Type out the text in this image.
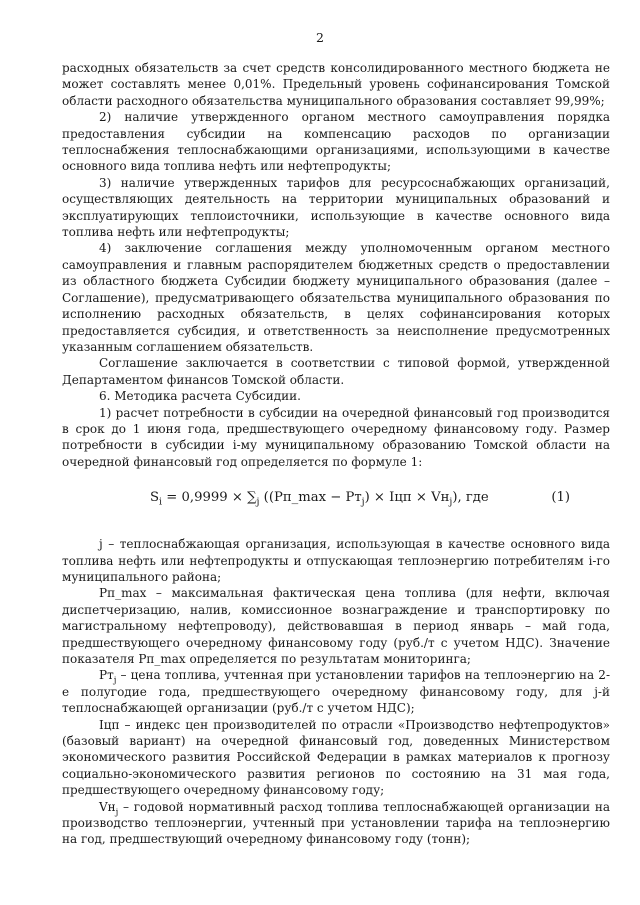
2

расходных обязательств за счет средств консолидированного местного бюджета не может составлять менее 0,01%. Предельный уровень софинансирования Томской области расходного обязательства муниципального образования составляет 99,99%;

2) наличие утвержденного органом местного самоуправления порядка предоставления субсидии на компенсацию расходов по организации теплоснабжения теплоснабжающими организациями, использующими в качестве основного вида топлива нефть или нефтепродукты;

3) наличие утвержденных тарифов для ресурсоснабжающих организаций, осуществляющих деятельность на территории муниципальных образований и эксплуатирующих теплоисточники, использующие в качестве основного вида топлива нефть или нефтепродукты;

4) заключение соглашения между уполномоченным органом местного самоуправления и главным распорядителем бюджетных средств о предоставлении из областного бюджета Субсидии бюджету муниципального образования (далее – Соглашение), предусматривающего обязательства муниципального образования по исполнению расходных обязательств, в целях софинансирования которых предоставляется субсидия, и ответственность за неисполнение предусмотренных указанным соглашением обязательств.

Соглашение заключается в соответствии с типовой формой, утвержденной Департаментом финансов Томской области.

6. Методика расчета Субсидии.

1) расчет потребности в субсидии на очередной финансовый год производится в срок до 1 июня года, предшествующего очередному финансовому году. Размер потребности в субсидии i-му муниципальному образованию Томской области на очередной финансовый год определяется по формуле 1:

$S_i = 0,9999 \times \sum_j$ ((Рп_max − $Рт_j$) × Iцп × $Vн_j$), где	(1)

j – теплоснабжающая организация, использующая в качестве основного вида топлива нефть или нефтепродукты и отпускающая теплоэнергию потребителям i-го муниципального района;

Рп_max – максимальная фактическая цена топлива (для нефти, включая диспетчеризацию, налив, комиссионное вознаграждение и транспортировку по магистральному нефтепроводу), действовавшая в период январь – май года, предшествующего очередному финансовому году (руб./т с учетом НДС). Значение показателя Рп_max определяется по результатам мониторинга;

$Рт_j$ – цена топлива, учтенная при установлении тарифов на теплоэнергию на 2-е полугодие года, предшествующего очередному финансовому году, для j-й теплоснабжающей организации (руб./т с учетом НДС);

Iцп – индекс цен производителей по отрасли «Производство нефтепродуктов» (базовый вариант) на очередной финансовый год, доведенных Министерством экономического развития Российской Федерации в рамках материалов к прогнозу социально-экономического развития регионов по состоянию на 31 мая года, предшествующего очередному финансовому году;

$Vн_j$ – годовой нормативный расход топлива теплоснабжающей организации на производство теплоэнергии, учтенный при установлении тарифа на теплоэнергию на год, предшествующий очередному финансовому году (тонн);
